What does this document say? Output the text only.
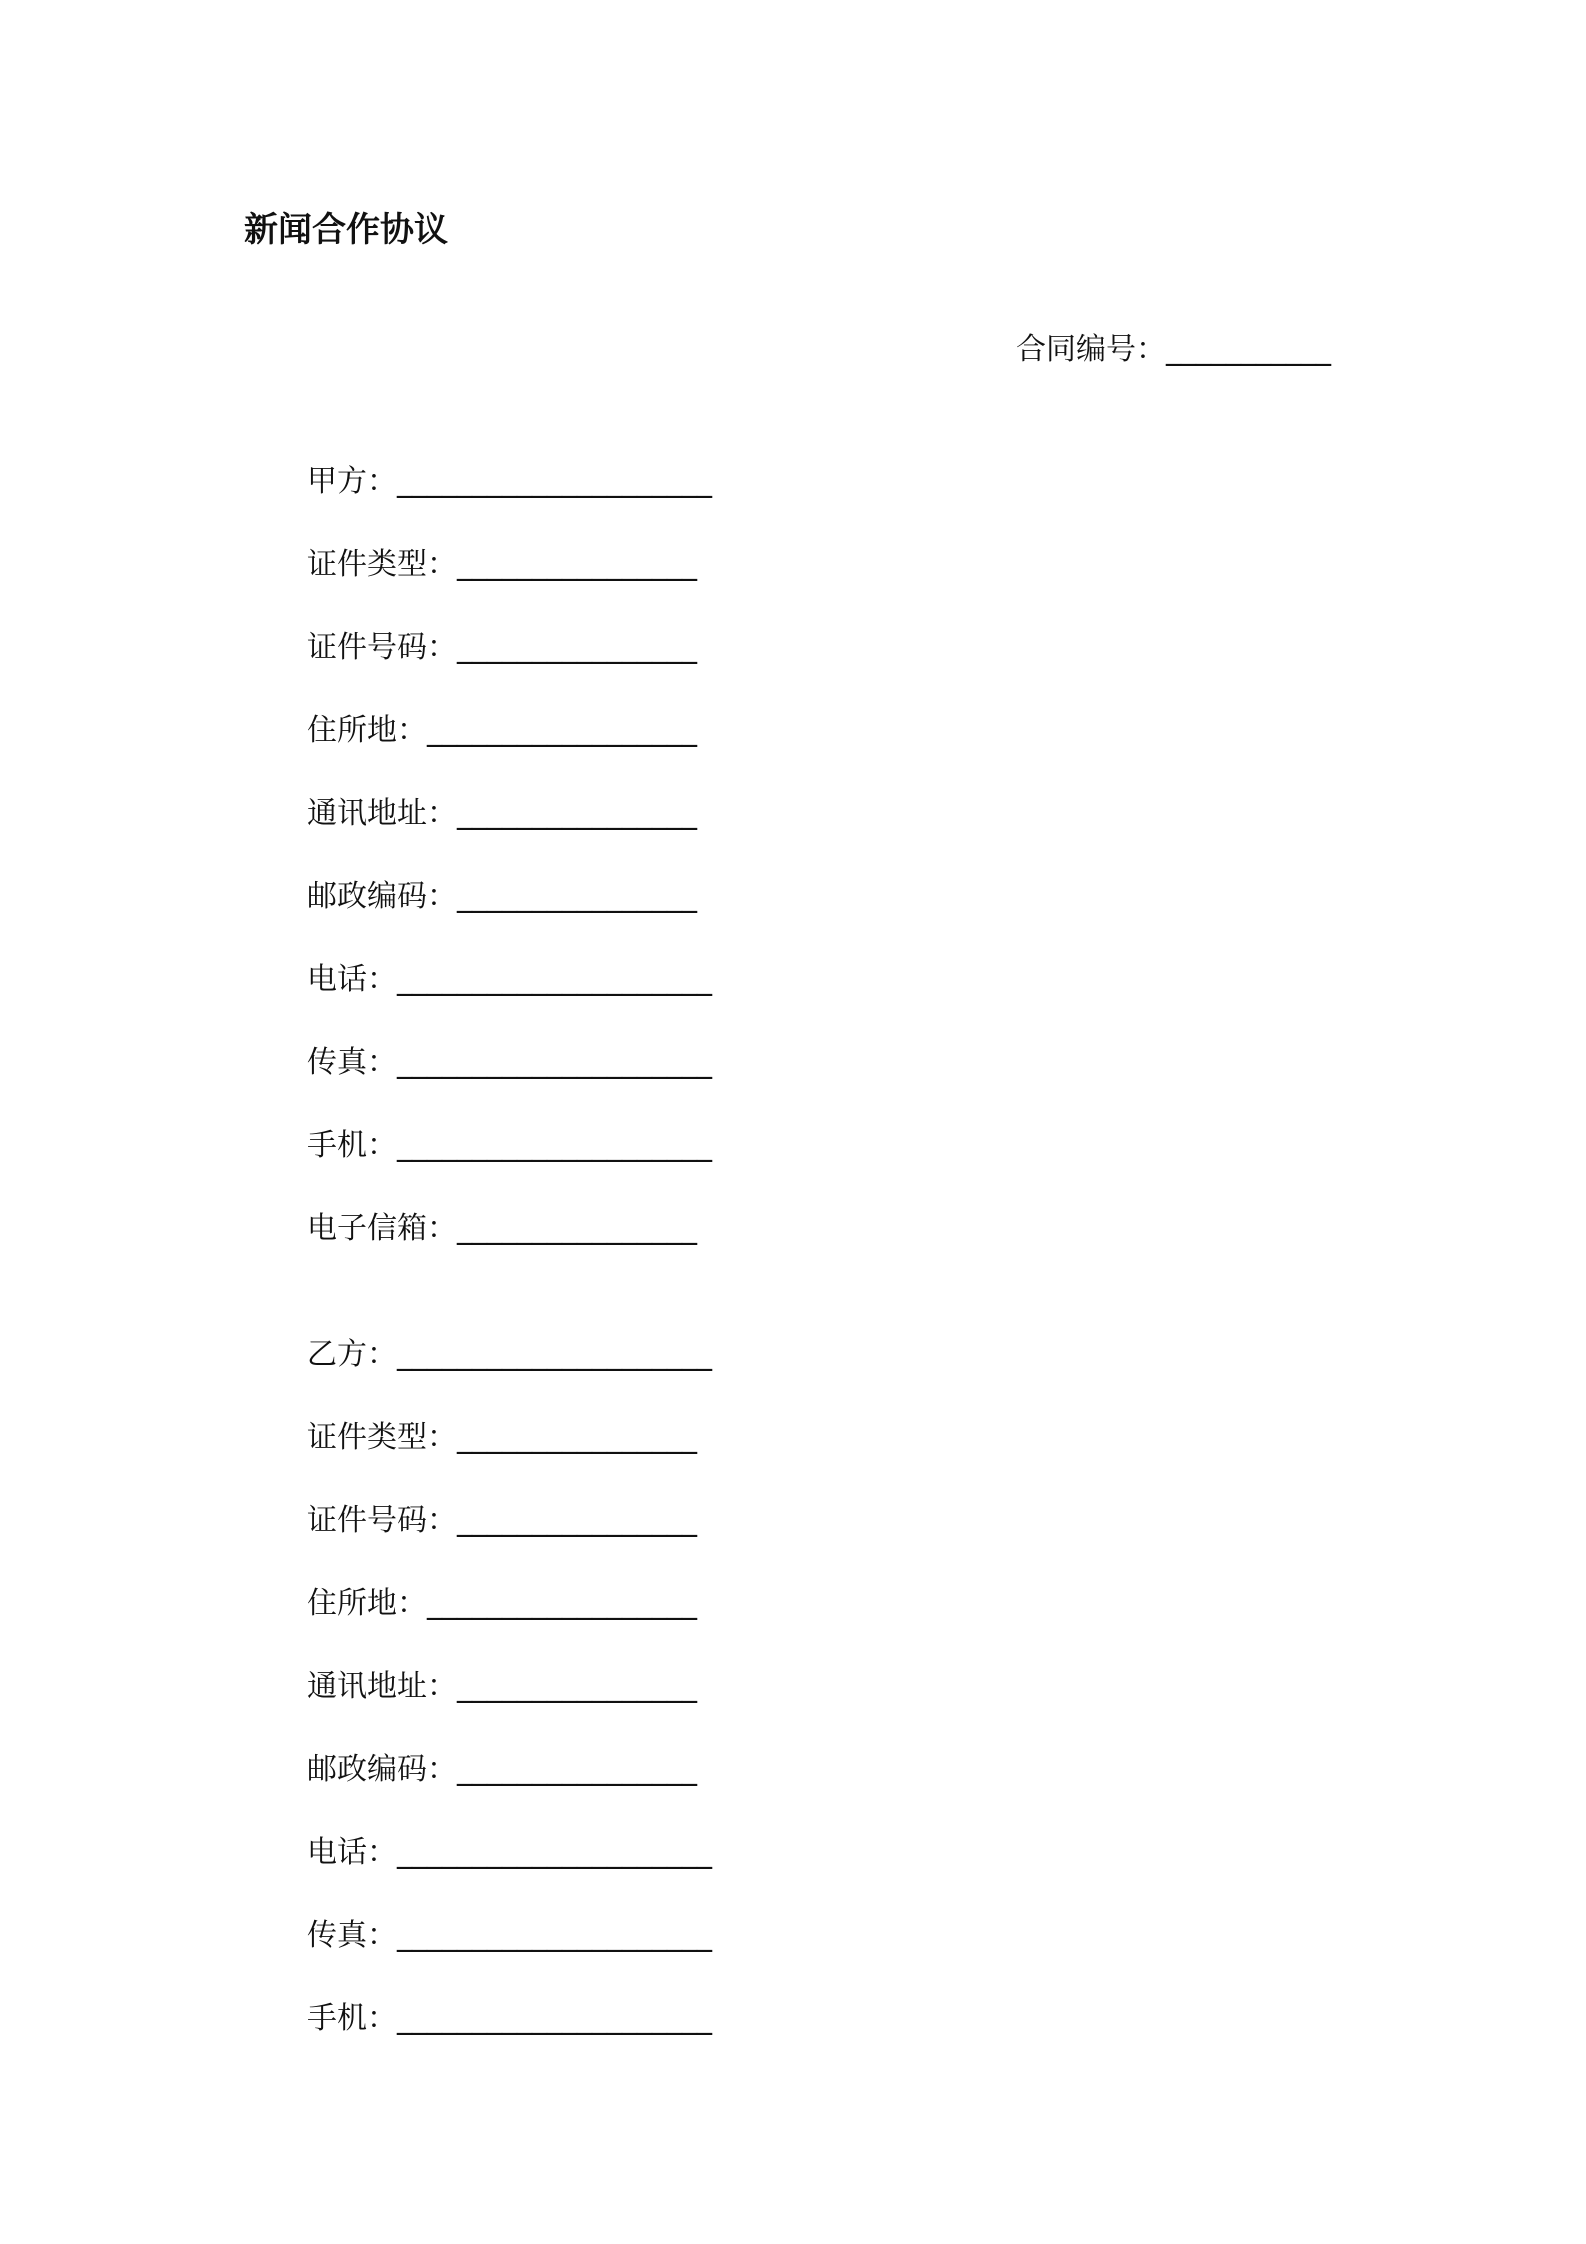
新闻合作协议
合同编号：___________
甲方：_____________________
证件类型：________________
证件号码：________________
住所地：__________________
通讯地址：________________
邮政编码：________________
电话：_____________________
传真：_____________________
手机：_____________________
电子信箱：________________
乙方：_____________________
证件类型：________________
证件号码：________________
住所地：__________________
通讯地址：________________
邮政编码：________________
电话：_____________________
传真：_____________________
手机：_____________________
